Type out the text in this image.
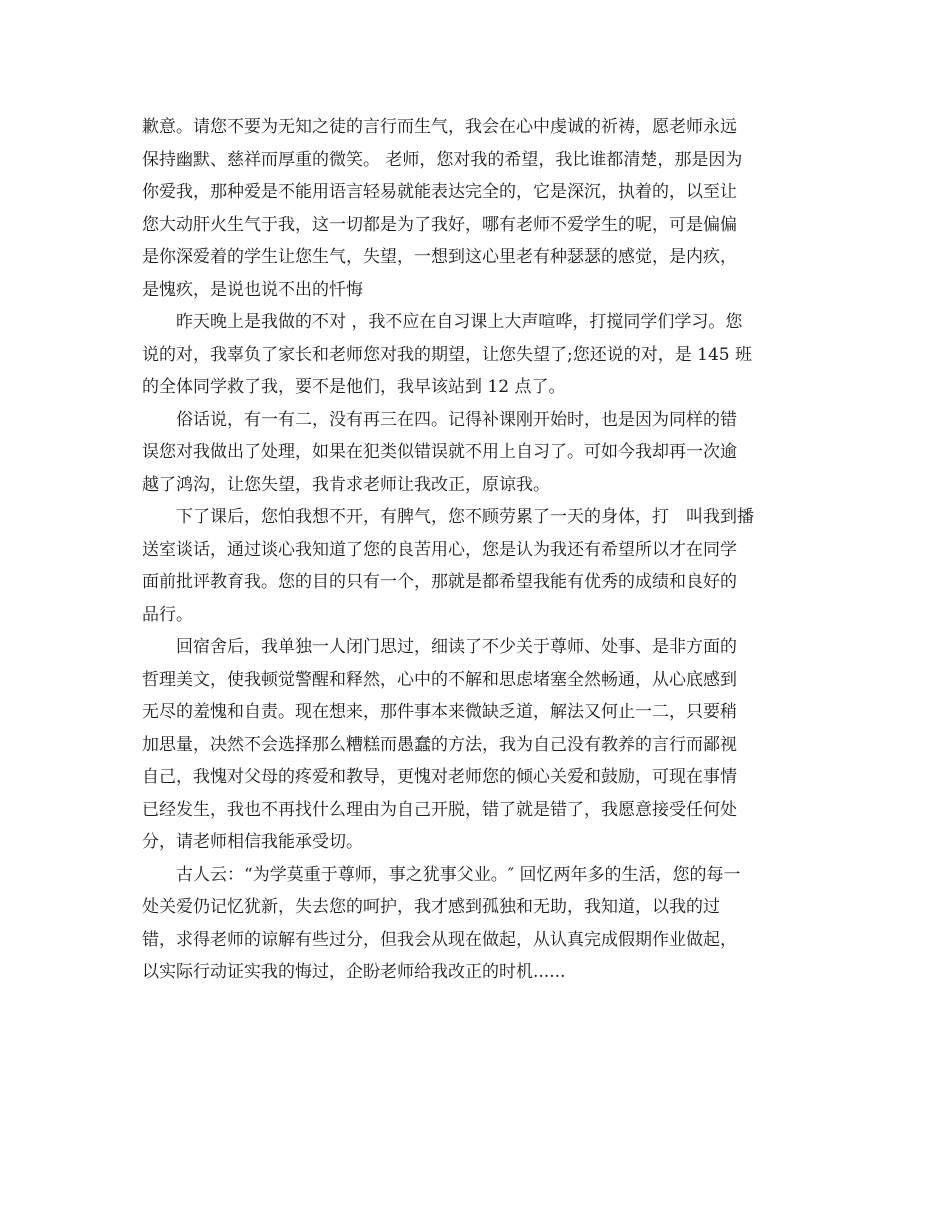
歉意。请您不要为无知之徒的言行而生气，我会在心中虔诚的祈祷，愿老师永远
保持幽默、慈祥而厚重的微笑。 老师，您对我的希望，我比谁都清楚，那是因为
你爱我，那种爱是不能用语言轻易就能表达完全的，它是深沉，执着的，以至让
您大动肝火生气于我，这一切都是为了我好，哪有老师不爱学生的呢，可是偏偏
是你深爱着的学生让您生气，失望，一想到这心里老有种瑟瑟的感觉，是内疚，
是愧疚，是说也说不出的忏悔
昨天晚上是我做的不对 ，我不应在自习课上大声喧哗，打搅同学们学习。您
说的对，我辜负了家长和老师您对我的期望，让您失望了;您还说的对，是 145 班
的全体同学救了我，要不是他们，我早该站到 12 点了。
俗话说，有一有二，没有再三在四。记得补课刚开始时，也是因为同样的错
误您对我做出了处理，如果在犯类似错误就不用上自习了。可如今我却再一次逾
越了鸿沟，让您失望，我肯求老师让我改正，原谅我。
下了课后，您怕我想不开，有脾气，您不顾劳累了一天的身体，打　叫我到播
送室谈话，通过谈心我知道了您的良苦用心，您是认为我还有希望所以才在同学
面前批评教育我。您的目的只有一个，那就是都希望我能有优秀的成绩和良好的
品行。
回宿舍后，我单独一人闭门思过，细读了不少关于尊师、处事、是非方面的
哲理美文，使我顿觉警醒和释然，心中的不解和思虑堵塞全然畅通，从心底感到
无尽的羞愧和自责。现在想来，那件事本来微缺乏道，解法又何止一二，只要稍
加思量，决然不会选择那么糟糕而愚蠢的方法，我为自己没有教养的言行而鄙视
自己，我愧对父母的疼爱和教导，更愧对老师您的倾心关爱和鼓励，可现在事情
已经发生，我也不再找什么理由为自己开脱，错了就是错了，我愿意接受任何处
分，请老师相信我能承受切。
古人云：“为学莫重于尊师，事之犹事父业。″ 回忆两年多的生活，您的每一
处关爱仍记忆犹新，失去您的呵护，我才感到孤独和无助，我知道，以我的过
错，求得老师的谅解有些过分，但我会从现在做起，从认真完成假期作业做起，
以实际行动证实我的悔过，企盼老师给我改正的时机......
